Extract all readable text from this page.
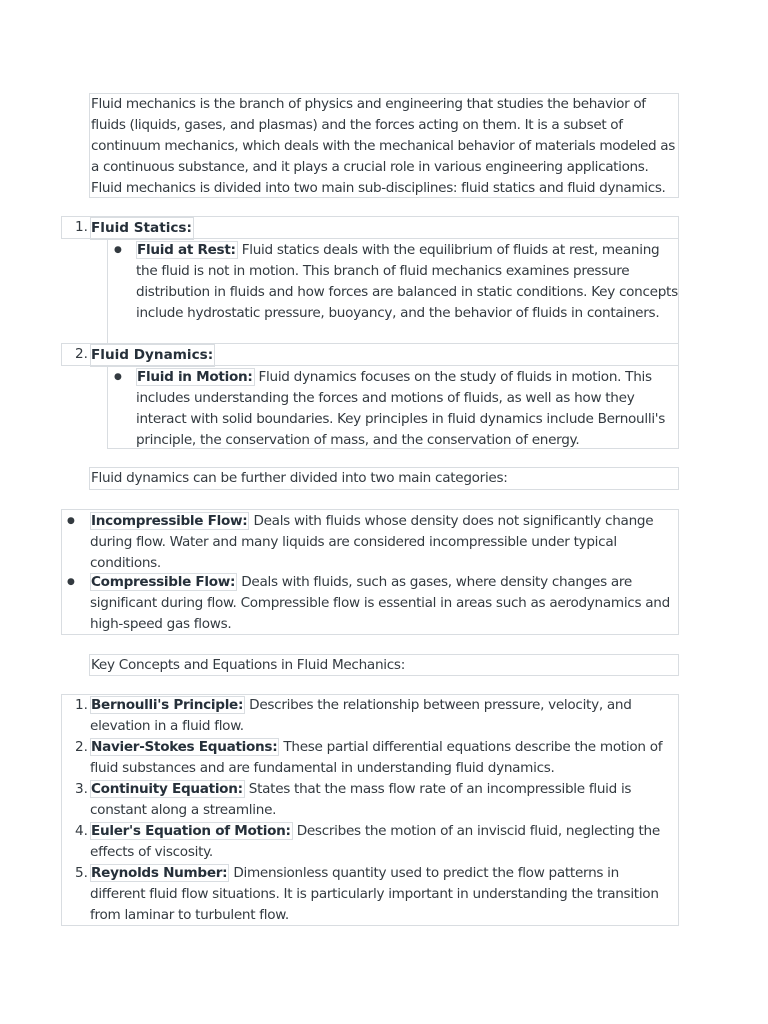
Fluid mechanics is the branch of physics and engineering that studies the behavior of fluids (liquids, gases, and plasmas) and the forces acting on them. It is a subset of continuum mechanics, which deals with the mechanical behavior of materials modeled as a continuous substance, and it plays a crucial role in various engineering applications. Fluid mechanics is divided into two main sub-disciplines: fluid statics and fluid dynamics.

1. Fluid Statics:
● Fluid at Rest: Fluid statics deals with the equilibrium of fluids at rest, meaning the fluid is not in motion. This branch of fluid mechanics examines pressure distribution in fluids and how forces are balanced in static conditions. Key concepts include hydrostatic pressure, buoyancy, and the behavior of fluids in containers.

2. Fluid Dynamics:
● Fluid in Motion: Fluid dynamics focuses on the study of fluids in motion. This includes understanding the forces and motions of fluids, as well as how they interact with solid boundaries. Key principles in fluid dynamics include Bernoulli's principle, the conservation of mass, and the conservation of energy.

Fluid dynamics can be further divided into two main categories:

● Incompressible Flow: Deals with fluids whose density does not significantly change during flow. Water and many liquids are considered incompressible under typical conditions.

● Compressible Flow: Deals with fluids, such as gases, where density changes are significant during flow. Compressible flow is essential in areas such as aerodynamics and high-speed gas flows.

Key Concepts and Equations in Fluid Mechanics:

1. Bernoulli's Principle: Describes the relationship between pressure, velocity, and elevation in a fluid flow.

2. Navier-Stokes Equations: These partial differential equations describe the motion of fluid substances and are fundamental in understanding fluid dynamics.

3. Continuity Equation: States that the mass flow rate of an incompressible fluid is constant along a streamline.

4. Euler's Equation of Motion: Describes the motion of an inviscid fluid, neglecting the effects of viscosity.

5. Reynolds Number: Dimensionless quantity used to predict the flow patterns in different fluid flow situations. It is particularly important in understanding the transition from laminar to turbulent flow.
